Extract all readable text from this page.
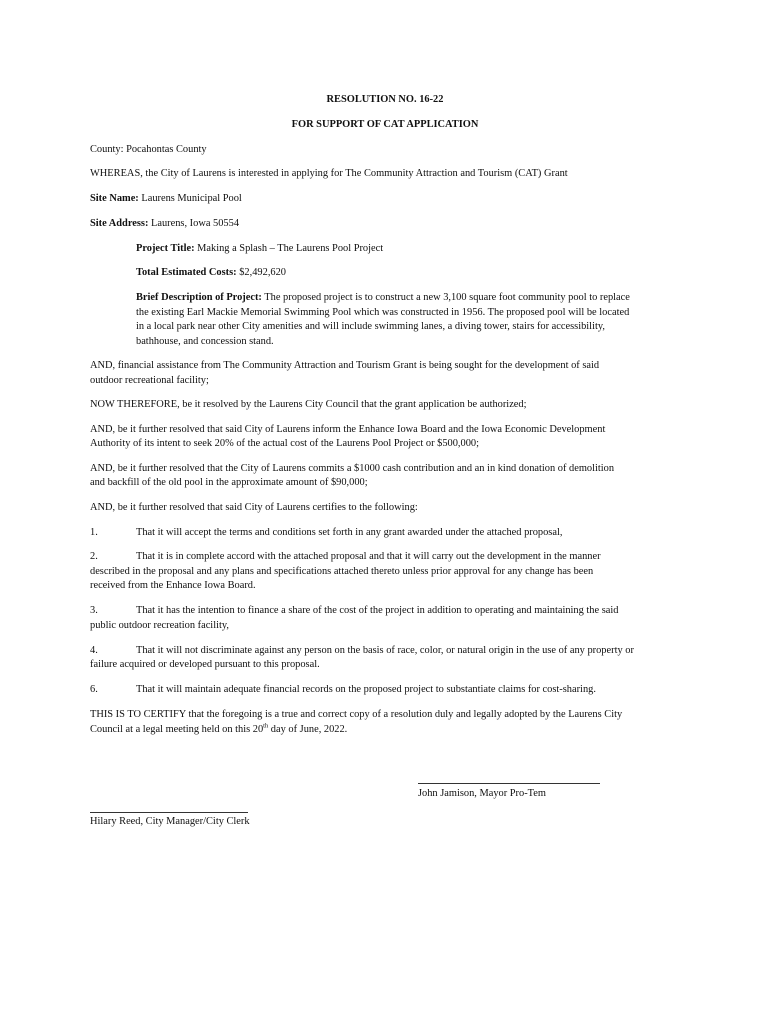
RESOLUTION NO. 16-22
FOR SUPPORT OF CAT APPLICATION
County: Pocahontas County
WHEREAS, the City of Laurens is interested in applying for The Community Attraction and Tourism (CAT) Grant
Site Name: Laurens Municipal Pool
Site Address: Laurens, Iowa 50554
Project Title: Making a Splash – The Laurens Pool Project
Total Estimated Costs: $2,492,620
Brief Description of Project: The proposed project is to construct a new 3,100 square foot community pool to replace
the existing Earl Mackie Memorial Swimming Pool which was constructed in 1956. The proposed pool will be located
in a local park near other City amenities and will include swimming lanes, a diving tower, stairs for accessibility,
bathhouse, and concession stand.
AND, financial assistance from The Community Attraction and Tourism Grant is being sought for the development of said
outdoor recreational facility;
NOW THEREFORE, be it resolved by the Laurens City Council that the grant application be authorized;
AND, be it further resolved that said City of Laurens inform the Enhance Iowa Board and the Iowa Economic Development
Authority of its intent to seek 20% of the actual cost of the Laurens Pool Project or $500,000;
AND, be it further resolved that the City of Laurens commits a $1000 cash contribution and an in kind donation of demolition
and backfill of the old pool in the approximate amount of $90,000;
AND, be it further resolved that said City of Laurens certifies to the following:
1.	That it will accept the terms and conditions set forth in any grant awarded under the attached proposal,
2.	That it is in complete accord with the attached proposal and that it will carry out the development in the manner
described in the proposal and any plans and specifications attached thereto unless prior approval for any change has been
received from the Enhance Iowa Board.
3.	That it has the intention to finance a share of the cost of the project in addition to operating and maintaining the said
public outdoor recreation facility,
4.	That it will not discriminate against any person on the basis of race, color, or natural origin in the use of any property or
failure acquired or developed pursuant to this proposal.
6.	That it will maintain adequate financial records on the proposed project to substantiate claims for cost-sharing.
THIS IS TO CERTIFY that the foregoing is a true and correct copy of a resolution duly and legally adopted by the Laurens City
Council at a legal meeting held on this 20th day of June, 2022.
John Jamison, Mayor Pro-Tem
Hilary Reed, City Manager/City Clerk
